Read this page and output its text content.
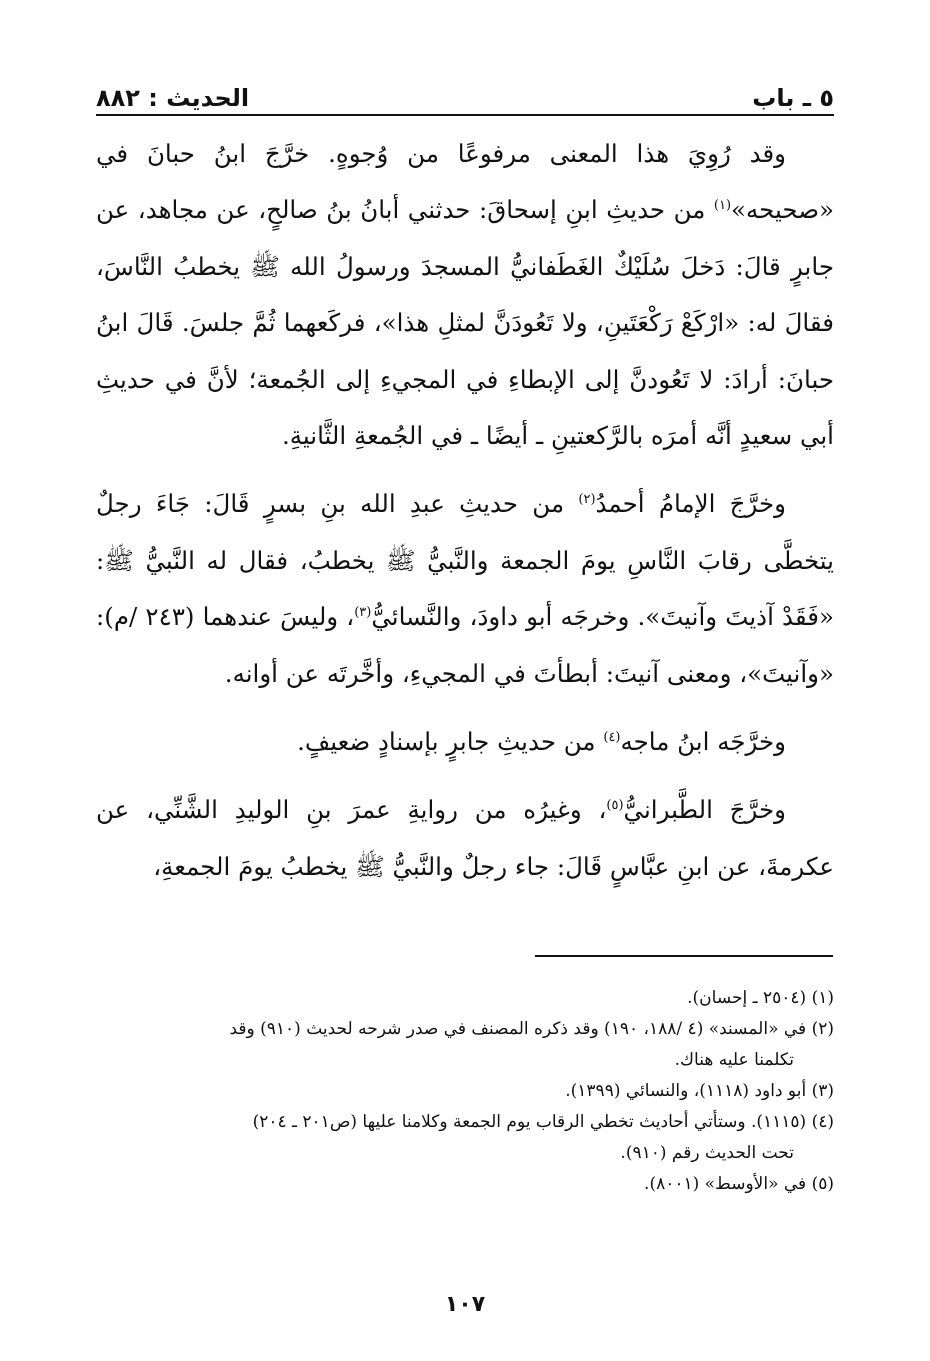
٥ ـ باب
الحديث : ٨٨٢

وقد رُوِيَ هذا المعنى مرفوعًا من وُجوهٍ. خرَّجَ ابنُ حبانَ في «صحيحه»$^{(١)}$ من حديثِ ابنِ إسحاقَ: حدثني أبانُ بنُ صالحٍ، عن مجاهد، عن جابرٍ قالَ: دَخلَ سُلَيْكٌ الغَطَفانيُّ المسجدَ ورسولُ الله ﷺ يخطبُ النَّاسَ، فقالَ له: «ارْكَعْ رَكْعَتَينِ، ولا تَعُودَنَّ لمثلِ هذا»، فركَعهما ثُمَّ جلسَ. قَالَ ابنُ حبانَ: أرادَ: لا تَعُودنَّ إلى الإبطاءِ في المجيءِ إلى الجُمعة؛ لأنَّ في حديثِ أبي سعيدٍ أنَّه أمرَه بالرَّكعتينِ ـ أيضًا ـ في الجُمعةِ الثَّانيةِ.

وخرَّجَ الإمامُ أحمدُ$^{(٢)}$ من حديثِ عبدِ الله بنِ بسرٍ قَالَ: جَاءَ رجلٌ يتخطَّى رقابَ النَّاسِ يومَ الجمعة والنَّبيُّ ﷺ يخطبُ، فقال له النَّبيُّ ﷺ: «فَقَدْ آذيتَ وآنيتَ». وخرجَه أبو داودَ، والنَّسائيُّ$^{(٣)}$، وليسَ عندهما (٢٤٣ /م): «وآنيتَ»، ومعنى آنيتَ: أبطأتَ في المجيءِ، وأخَّرتَه عن أوانه.

وخرَّجَه ابنُ ماجه$^{(٤)}$ من حديثِ جابرٍ بإسنادٍ ضعيفٍ.

وخرَّجَ الطَّبرانيُّ$^{(٥)}$، وغيرُه من روايةِ عمرَ بنِ الوليدِ الشَّنِّي، عن عكرمةَ، عن ابنِ عبَّاسٍ قَالَ: جاء رجلٌ والنَّبيُّ ﷺ يخطبُ يومَ الجمعةِ،

(١) (٢٥٠٤ ـ إحسان).

(٢) في «المسند» (٤ /١٨٨، ١٩٠) وقد ذكره المصنف في صدر شرحه لحديث (٩١٠) وقد

تكلمنا عليه هناك.

(٣) أبو داود (١١١٨)، والنسائي (١٣٩٩).

(٤) (١١١٥). وستأتي أحاديث تخطي الرقاب يوم الجمعة وكلامنا عليها (ص٢٠١ ـ ٢٠٤)

تحت الحديث رقم (٩١٠).

(٥) في «الأوسط» (٨٠٠١).

١٠٧
